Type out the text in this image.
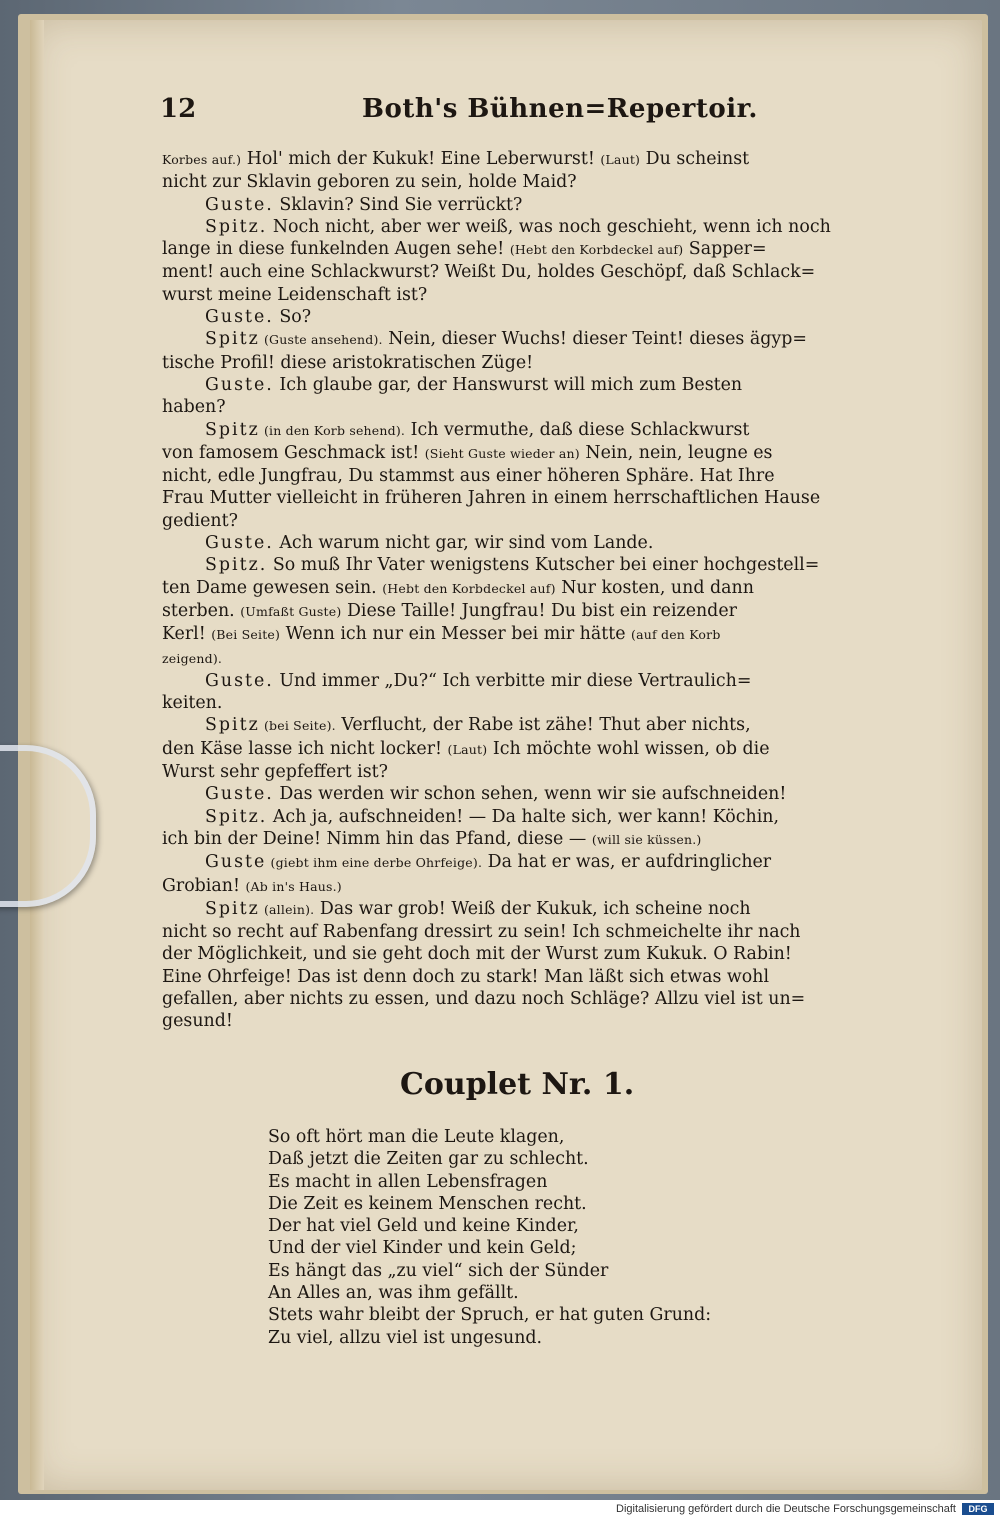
12	Both's Bühnen=Repertoir.
Korbes auf.) Hol' mich der Kukuk! Eine Leberwurst! (Laut) Du scheinst
nicht zur Sklavin geboren zu sein, holde Maid?
Guste. Sklavin? Sind Sie verrückt?
Spitz. Noch nicht, aber wer weiß, was noch geschieht, wenn ich noch
lange in diese funkelnden Augen sehe! (Hebt den Korbdeckel auf) Sapper=
ment! auch eine Schlackwurst? Weißt Du, holdes Geschöpf, daß Schlack=
wurst meine Leidenschaft ist?
Guste. So?
Spitz (Guste ansehend). Nein, dieser Wuchs! dieser Teint! dieses ägyp=
tische Profil! diese aristokratischen Züge!
Guste. Ich glaube gar, der Hanswurst will mich zum Besten
haben?
Spitz (in den Korb sehend). Ich vermuthe, daß diese Schlackwurst
von famosem Geschmack ist! (Sieht Guste wieder an) Nein, nein, leugne es
nicht, edle Jungfrau, Du stammst aus einer höheren Sphäre. Hat Ihre
Frau Mutter vielleicht in früheren Jahren in einem herrschaftlichen Hause
gedient?
Guste. Ach warum nicht gar, wir sind vom Lande.
Spitz. So muß Ihr Vater wenigstens Kutscher bei einer hochgestell=
ten Dame gewesen sein. (Hebt den Korbdeckel auf) Nur kosten, und dann
sterben. (Umfaßt Guste) Diese Taille! Jungfrau! Du bist ein reizender
Kerl! (Bei Seite) Wenn ich nur ein Messer bei mir hätte (auf den Korb
zeigend).
Guste. Und immer „Du?“ Ich verbitte mir diese Vertraulich=
keiten.
Spitz (bei Seite). Verflucht, der Rabe ist zähe! Thut aber nichts,
den Käse lasse ich nicht locker! (Laut) Ich möchte wohl wissen, ob die
Wurst sehr gepfeffert ist?
Guste. Das werden wir schon sehen, wenn wir sie aufschneiden!
Spitz. Ach ja, aufschneiden! — Da halte sich, wer kann! Köchin,
ich bin der Deine! Nimm hin das Pfand, diese — (will sie küssen.)
Guste (giebt ihm eine derbe Ohrfeige). Da hat er was, er aufdringlicher
Grobian! (Ab in's Haus.)
Spitz (allein). Das war grob! Weiß der Kukuk, ich scheine noch
nicht so recht auf Rabenfang dressirt zu sein! Ich schmeichelte ihr nach
der Möglichkeit, und sie geht doch mit der Wurst zum Kukuk. O Rabin!
Eine Ohrfeige! Das ist denn doch zu stark! Man läßt sich etwas wohl
gefallen, aber nichts zu essen, und dazu noch Schläge? Allzu viel ist un=
gesund!
Couplet Nr. 1.
So oft hört man die Leute klagen,
Daß jetzt die Zeiten gar zu schlecht.
Es macht in allen Lebensfragen
Die Zeit es keinem Menschen recht.
Der hat viel Geld und keine Kinder,
Und der viel Kinder und kein Geld;
Es hängt das „zu viel“ sich der Sünder
An Alles an, was ihm gefällt.
Stets wahr bleibt der Spruch, er hat guten Grund:
Zu viel, allzu viel ist ungesund.
Digitalisierung gefördert durch die Deutsche Forschungsgemeinschaft	DFG
